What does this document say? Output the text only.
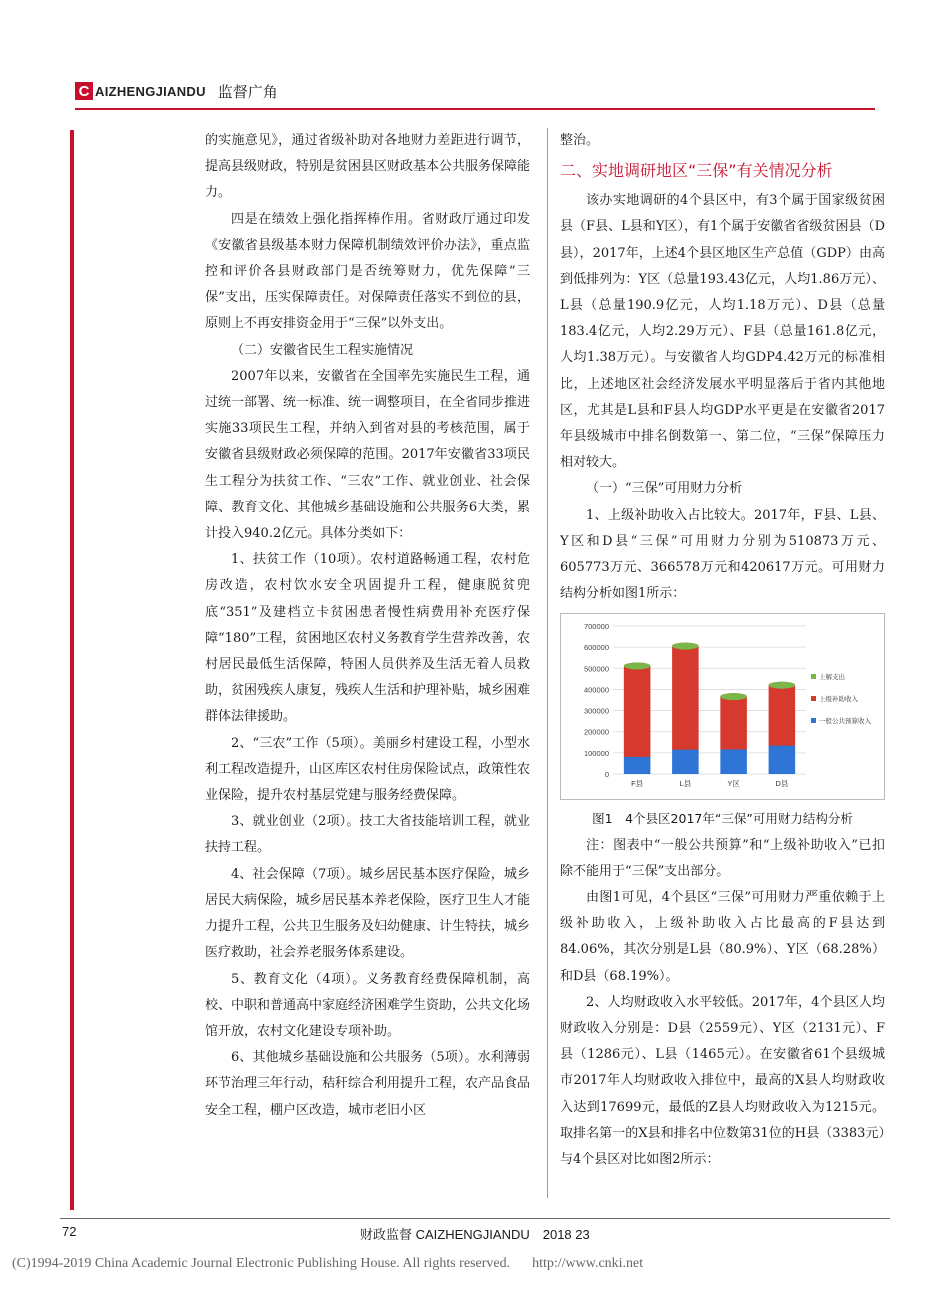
C AIZHENGJIANDU 监督广角

的实施意见》，通过省级补助对各地财力差距进行调节，提高县级财政，特别是贫困县区财政基本公共服务保障能力。

四是在绩效上强化指挥棒作用。省财政厅通过印发《安徽省县级基本财力保障机制绩效评价办法》，重点监控和评价各县财政部门是否统筹财力，优先保障“三保”支出，压实保障责任。对保障责任落实不到位的县，原则上不再安排资金用于“三保”以外支出。

（二）安徽省民生工程实施情况

2007年以来，安徽省在全国率先实施民生工程，通过统一部署、统一标准、统一调整项目，在全省同步推进实施33项民生工程，并纳入到省对县的考核范围，属于安徽省县级财政必须保障的范围。2017年安徽省33项民生工程分为扶贫工作、“三农”工作、就业创业、社会保障、教育文化、其他城乡基础设施和公共服务6大类，累计投入940.2亿元。具体分类如下：

1、扶贫工作（10项）。农村道路畅通工程，农村危房改造，农村饮水安全巩固提升工程，健康脱贫兜底“351”及建档立卡贫困患者慢性病费用补充医疗保障“180”工程，贫困地区农村义务教育学生营养改善，农村居民最低生活保障，特困人员供养及生活无着人员救助，贫困残疾人康复，残疾人生活和护理补贴，城乡困难群体法律援助。

2、“三农”工作（5项）。美丽乡村建设工程，小型水利工程改造提升，山区库区农村住房保险试点，政策性农业保险，提升农村基层党建与服务经费保障。

3、就业创业（2项）。技工大省技能培训工程，就业扶持工程。

4、社会保障（7项）。城乡居民基本医疗保险，城乡居民大病保险，城乡居民基本养老保险，医疗卫生人才能力提升工程，公共卫生服务及妇幼健康、计生特扶，城乡医疗救助，社会养老服务体系建设。

5、教育文化（4项）。义务教育经费保障机制，高校、中职和普通高中家庭经济困难学生资助，公共文化场馆开放，农村文化建设专项补助。

6、其他城乡基础设施和公共服务（5项）。水利薄弱环节治理三年行动，秸秆综合利用提升工程，农产品食品安全工程，棚户区改造，城市老旧小区

整治。

二、实地调研地区“三保”有关情况分析

该办实地调研的4个县区中，有3个属于国家级贫困县（F县、L县和Y区），有1个属于安徽省省级贫困县（D县），2017年，上述4个县区地区生产总值（GDP）由高到低排列为：Y区（总量193.43亿元，人均1.86万元）、L县（总量190.9亿元，人均1.18万元）、D县（总量183.4亿元，人均2.29万元）、F县（总量161.8亿元，人均1.38万元）。与安徽省人均GDP4.42万元的标准相比，上述地区社会经济发展水平明显落后于省内其他地区，尤其是L县和F县人均GDP水平更是在安徽省2017年县级城市中排名倒数第一、第二位，“三保”保障压力相对较大。

（一）“三保”可用财力分析

1、上级补助收入占比较大。2017年，F县、L县、Y区和D县“三保”可用财力分别为510873万元、605773万元、366578万元和420617万元。可用财力结构分析如图1所示：

0
100000
200000
300000
400000
500000
600000
700000
F县	L县	Y区	D县
上解支出
上级补助收入
一般公共预算收入

图1　4个县区2017年“三保”可用财力结构分析

注：图表中“一般公共预算”和“上级补助收入”已扣除不能用于“三保”支出部分。

由图1可见，4个县区“三保”可用财力严重依赖于上级补助收入，上级补助收入占比最高的F县达到84.06%，其次分别是L县（80.9%）、Y区（68.28%）和D县（68.19%）。

2、人均财政收入水平较低。2017年，4个县区人均财政收入分别是：D县（2559元）、Y区（2131元）、F县（1286元）、L县（1465元）。在安徽省61个县级城市2017年人均财政收入排位中，最高的X县人均财政收入达到17699元，最低的Z县人均财政收入为1215元。取排名第一的X县和排名中位数第31位的H县（3383元）与4个县区对比如图2所示：

72	财政监督 CAIZHENGJIANDU　2018 23
(C)1994-2019 China Academic Journal Electronic Publishing House. All rights reserved. http://www.cnki.net
